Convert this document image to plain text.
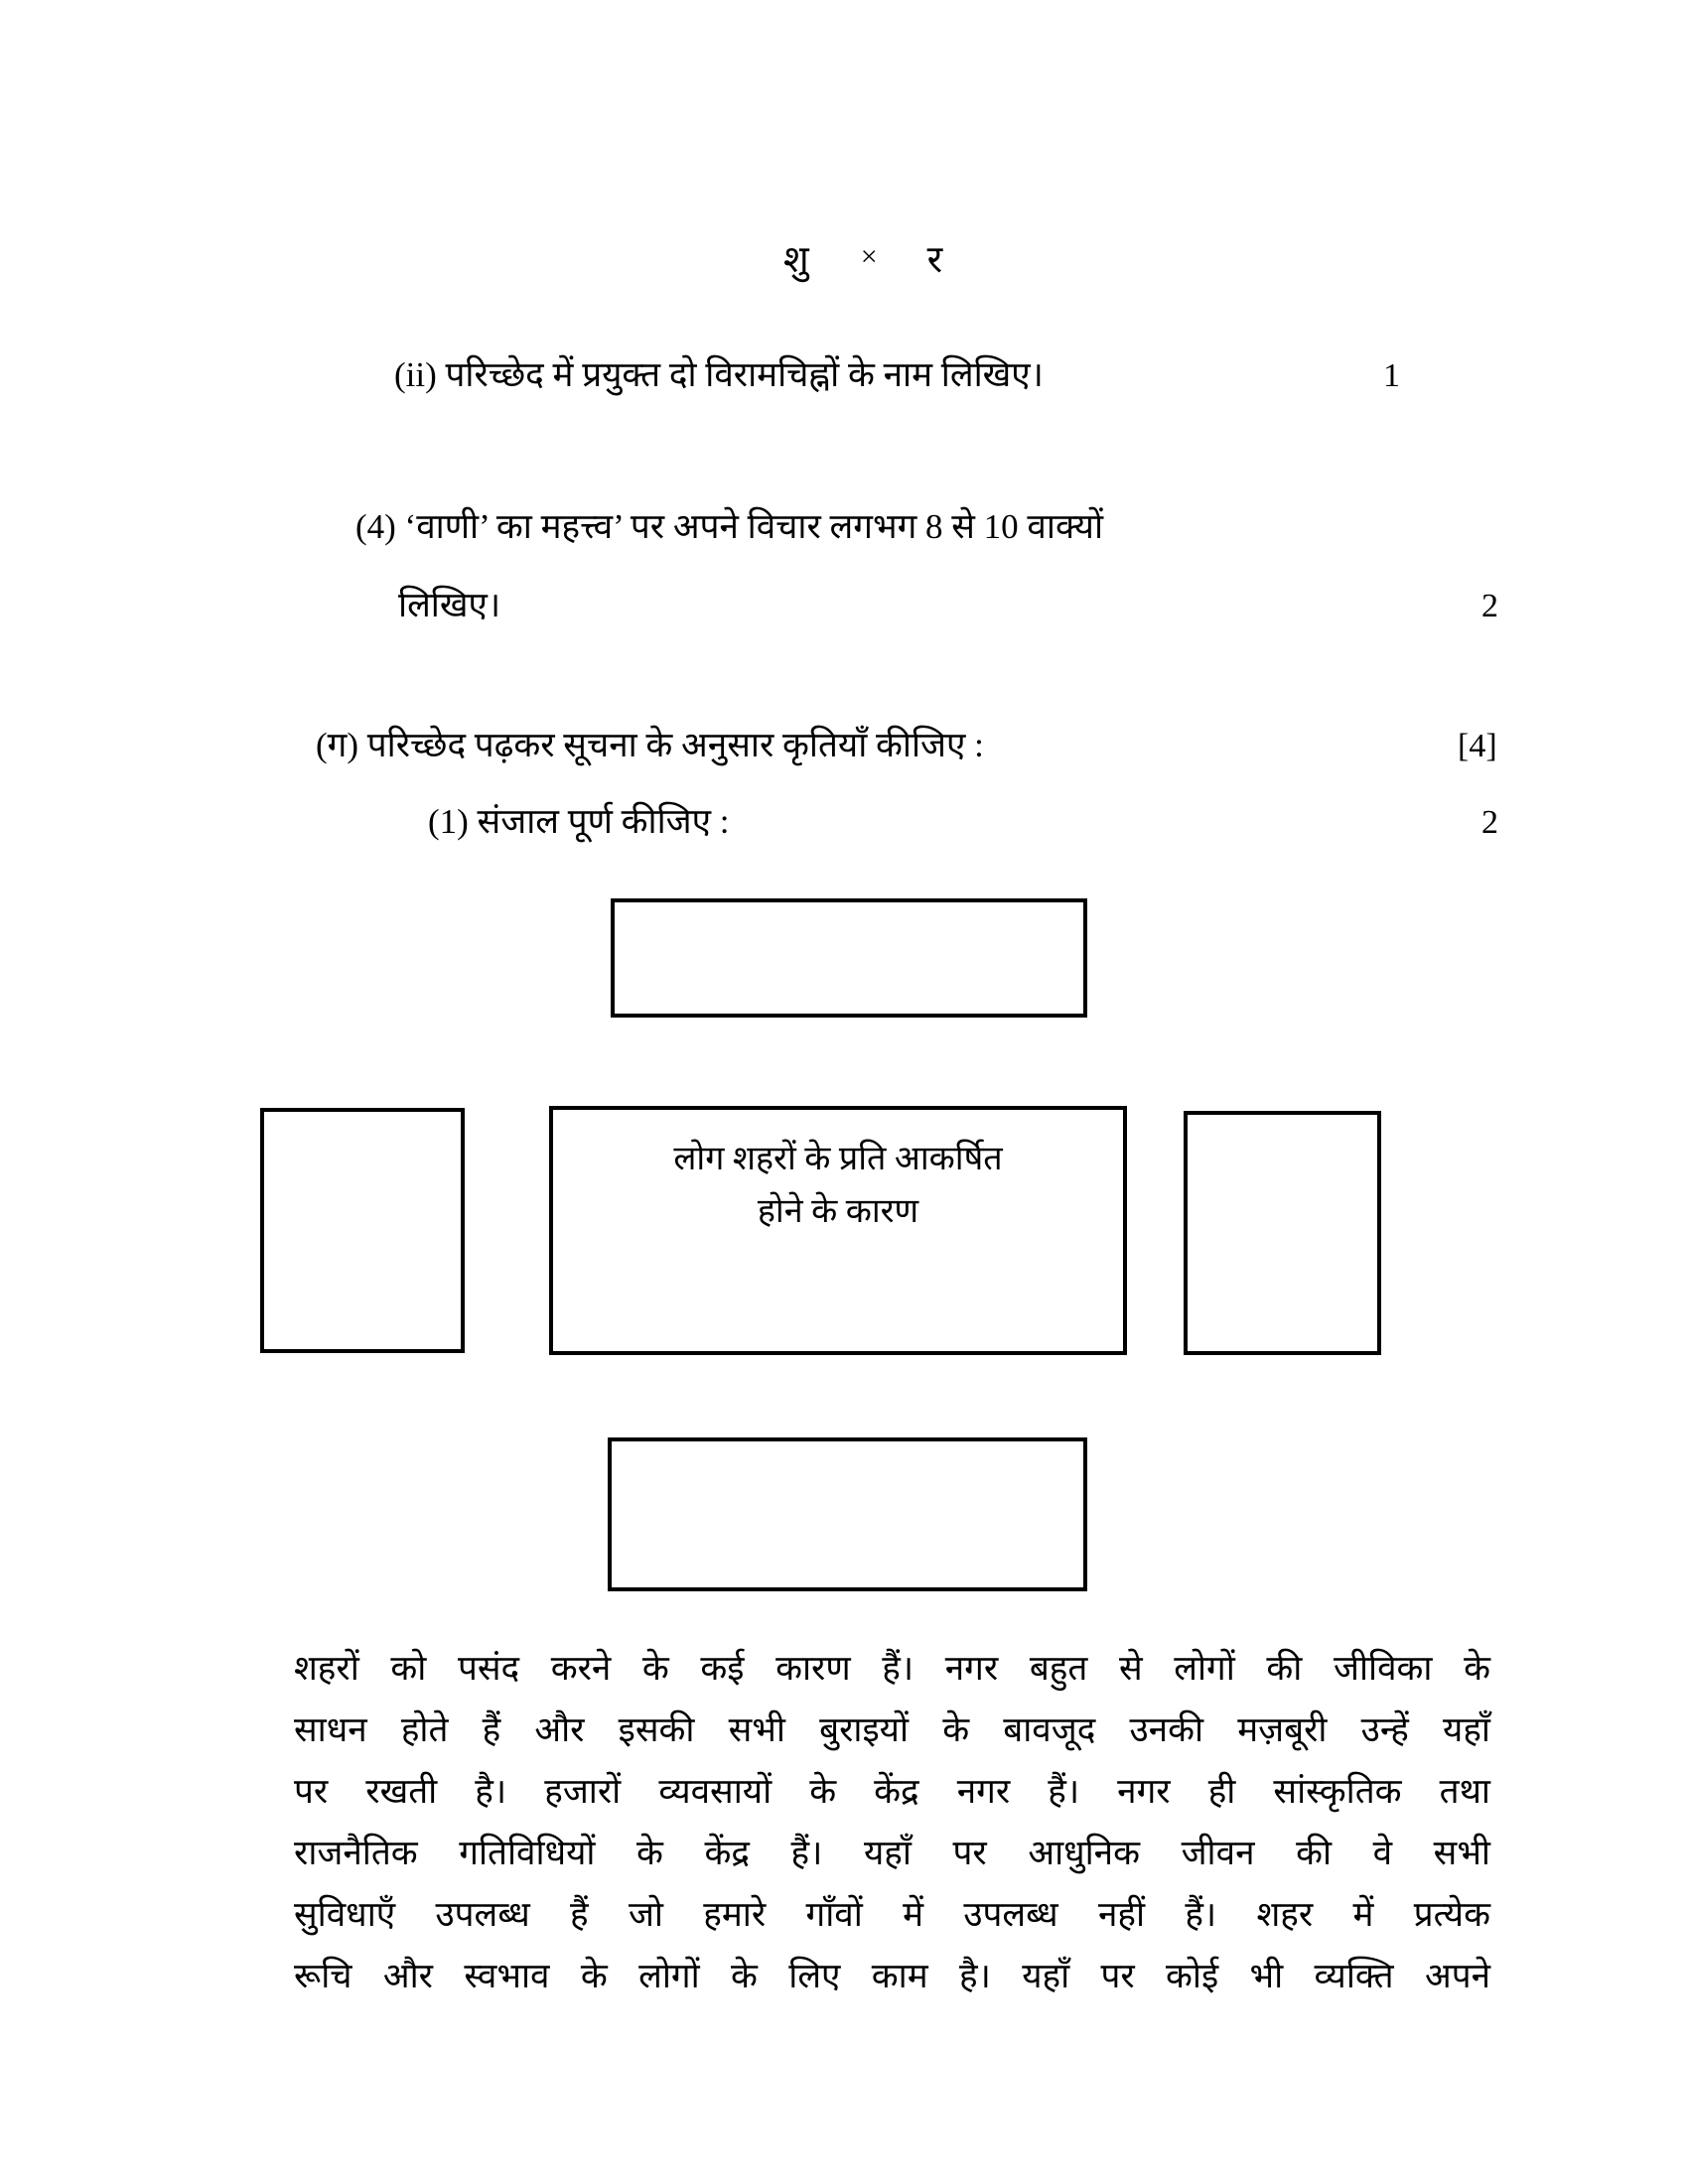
शु × र

(ii) परिच्छेद में प्रयुक्त दो विरामचिह्नों के नाम लिखिए।	1
(4) ‘वाणी’ का महत्त्व’ पर अपने विचार लगभग 8 से 10 वाक्यों
लिखिए।	2
(ग) परिच्छेद पढ़कर सूचना के अनुसार कृतियाँ कीजिए :	[4]
(1) संजाल पूर्ण कीजिए :	2
लोग शहरों के प्रति आकर्षित
होने के कारण
शहरों को पसंद करने के कई कारण हैं। नगर बहुत से लोगों की जीविका के
साधन होते हैं और इसकी सभी बुराइयों के बावजूद उनकी मज़बूरी उन्हें यहाँ
पर रखती है। हजारों व्यवसायों के केंद्र नगर हैं। नगर ही सांस्कृतिक तथा
राजनैतिक गतिविधियों के केंद्र हैं। यहाँ पर आधुनिक जीवन की वे सभी
सुविधाएँ उपलब्ध हैं जो हमारे गाँवों में उपलब्ध नहीं हैं। शहर में प्रत्येक
रूचि और स्वभाव के लोगों के लिए काम है। यहाँ पर कोई भी व्यक्ति अपने
